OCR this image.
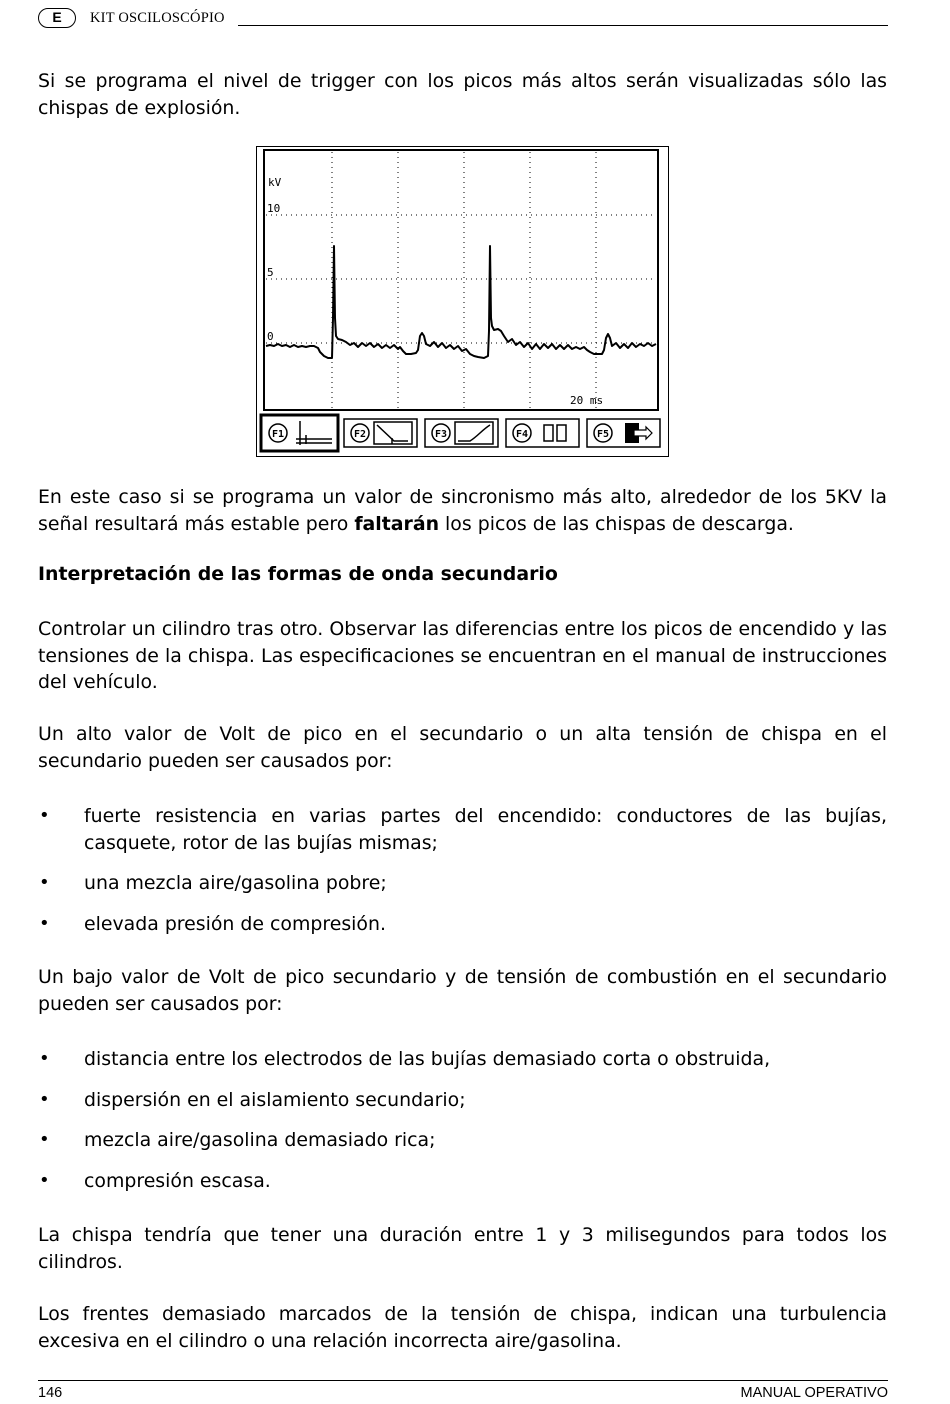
E	KIT OSCILOSCÓPIO

Si se programa el nivel de trigger con los picos más altos serán visualizadas sólo las chispas de explosión.

kV
10
5
0
20 ms
F1	F2	F3	F4	F5

En este caso si se programa un valor de sincronismo más alto, alrededor de los 5KV la señal resultará más estable pero faltarán los picos de las chispas de descarga.

Interpretación de las formas de onda secundario

Controlar un cilindro tras otro. Observar las diferencias entre los picos de encendido y las tensiones de la chispa. Las especificaciones se encuentran en el manual de instrucciones del vehículo.

Un alto valor de Volt de pico en el secundario o un alta tensión de chispa en el secundario pueden ser causados por:

• fuerte resistencia en varias partes del encendido: conductores de las bujías, casquete, rotor de las bujías mismas;
• una mezcla aire/gasolina pobre;
• elevada presión de compresión.

Un bajo valor de Volt de pico secundario y de tensión de combustión en el secundario pueden ser causados por:

• distancia entre los electrodos de las bujías demasiado corta o obstruida,
• dispersión en el aislamiento secundario;
• mezcla aire/gasolina demasiado rica;
• compresión escasa.

La chispa tendría que tener una duración entre 1 y 3 milisegundos para todos los cilindros.

Los frentes demasiado marcados de la tensión de chispa, indican una turbulencia excesiva en el cilindro o una relación incorrecta aire/gasolina.

146	MANUAL OPERATIVO
